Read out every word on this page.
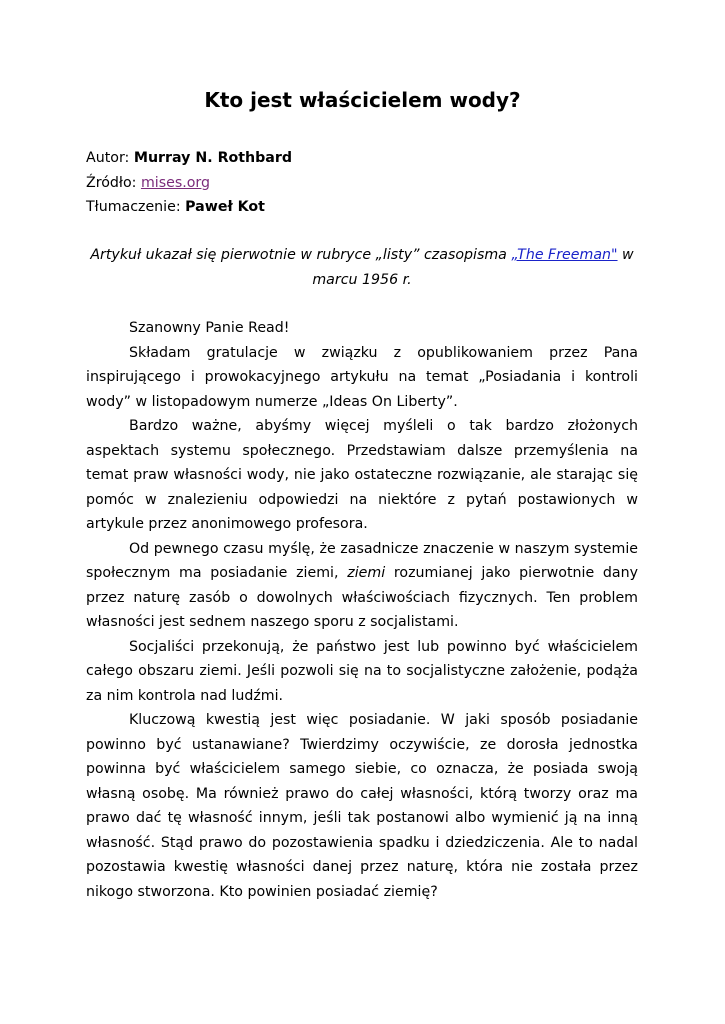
Kto jest właścicielem wody?
Autor: Murray N. Rothbard
Źródło: mises.org
Tłumaczenie: Paweł Kot
Artykuł ukazał się pierwotnie w rubryce „listy” czasopisma „The Freeman" w marcu 1956 r.

Szanowny Panie Read!

Składam gratulacje w związku z opublikowaniem przez Pana inspirującego i prowokacyjnego artykułu na temat „Posiadania i kontroli wody” w listopadowym numerze „Ideas On Liberty”.

Bardzo ważne, abyśmy więcej myśleli o tak bardzo złożonych aspektach systemu społecznego. Przedstawiam dalsze przemyślenia na temat praw własności wody, nie jako ostateczne rozwiązanie, ale starając się pomóc w znalezieniu odpowiedzi na niektóre z pytań postawionych w artykule przez anonimowego profesora.

Od pewnego czasu myślę, że zasadnicze znaczenie w naszym systemie społecznym ma posiadanie ziemi, ziemi rozumianej jako pierwotnie dany przez naturę zasób o dowolnych właściwościach fizycznych. Ten problem własności jest sednem naszego sporu z socjalistami.

Socjaliści przekonują, że państwo jest lub powinno być właścicielem całego obszaru ziemi. Jeśli pozwoli się na to socjalistyczne założenie, podąża za nim kontrola nad ludźmi.

Kluczową kwestią jest więc posiadanie. W jaki sposób posiadanie powinno być ustanawiane? Twierdzimy oczywiście, ze dorosła jednostka powinna być właścicielem samego siebie, co oznacza, że posiada swoją własną osobę. Ma również prawo do całej własności, którą tworzy oraz ma prawo dać tę własność innym, jeśli tak postanowi albo wymienić ją na inną własność. Stąd prawo do pozostawienia spadku i dziedziczenia. Ale to nadal pozostawia kwestię własności danej przez naturę, która nie została przez nikogo stworzona. Kto powinien posiadać ziemię?
